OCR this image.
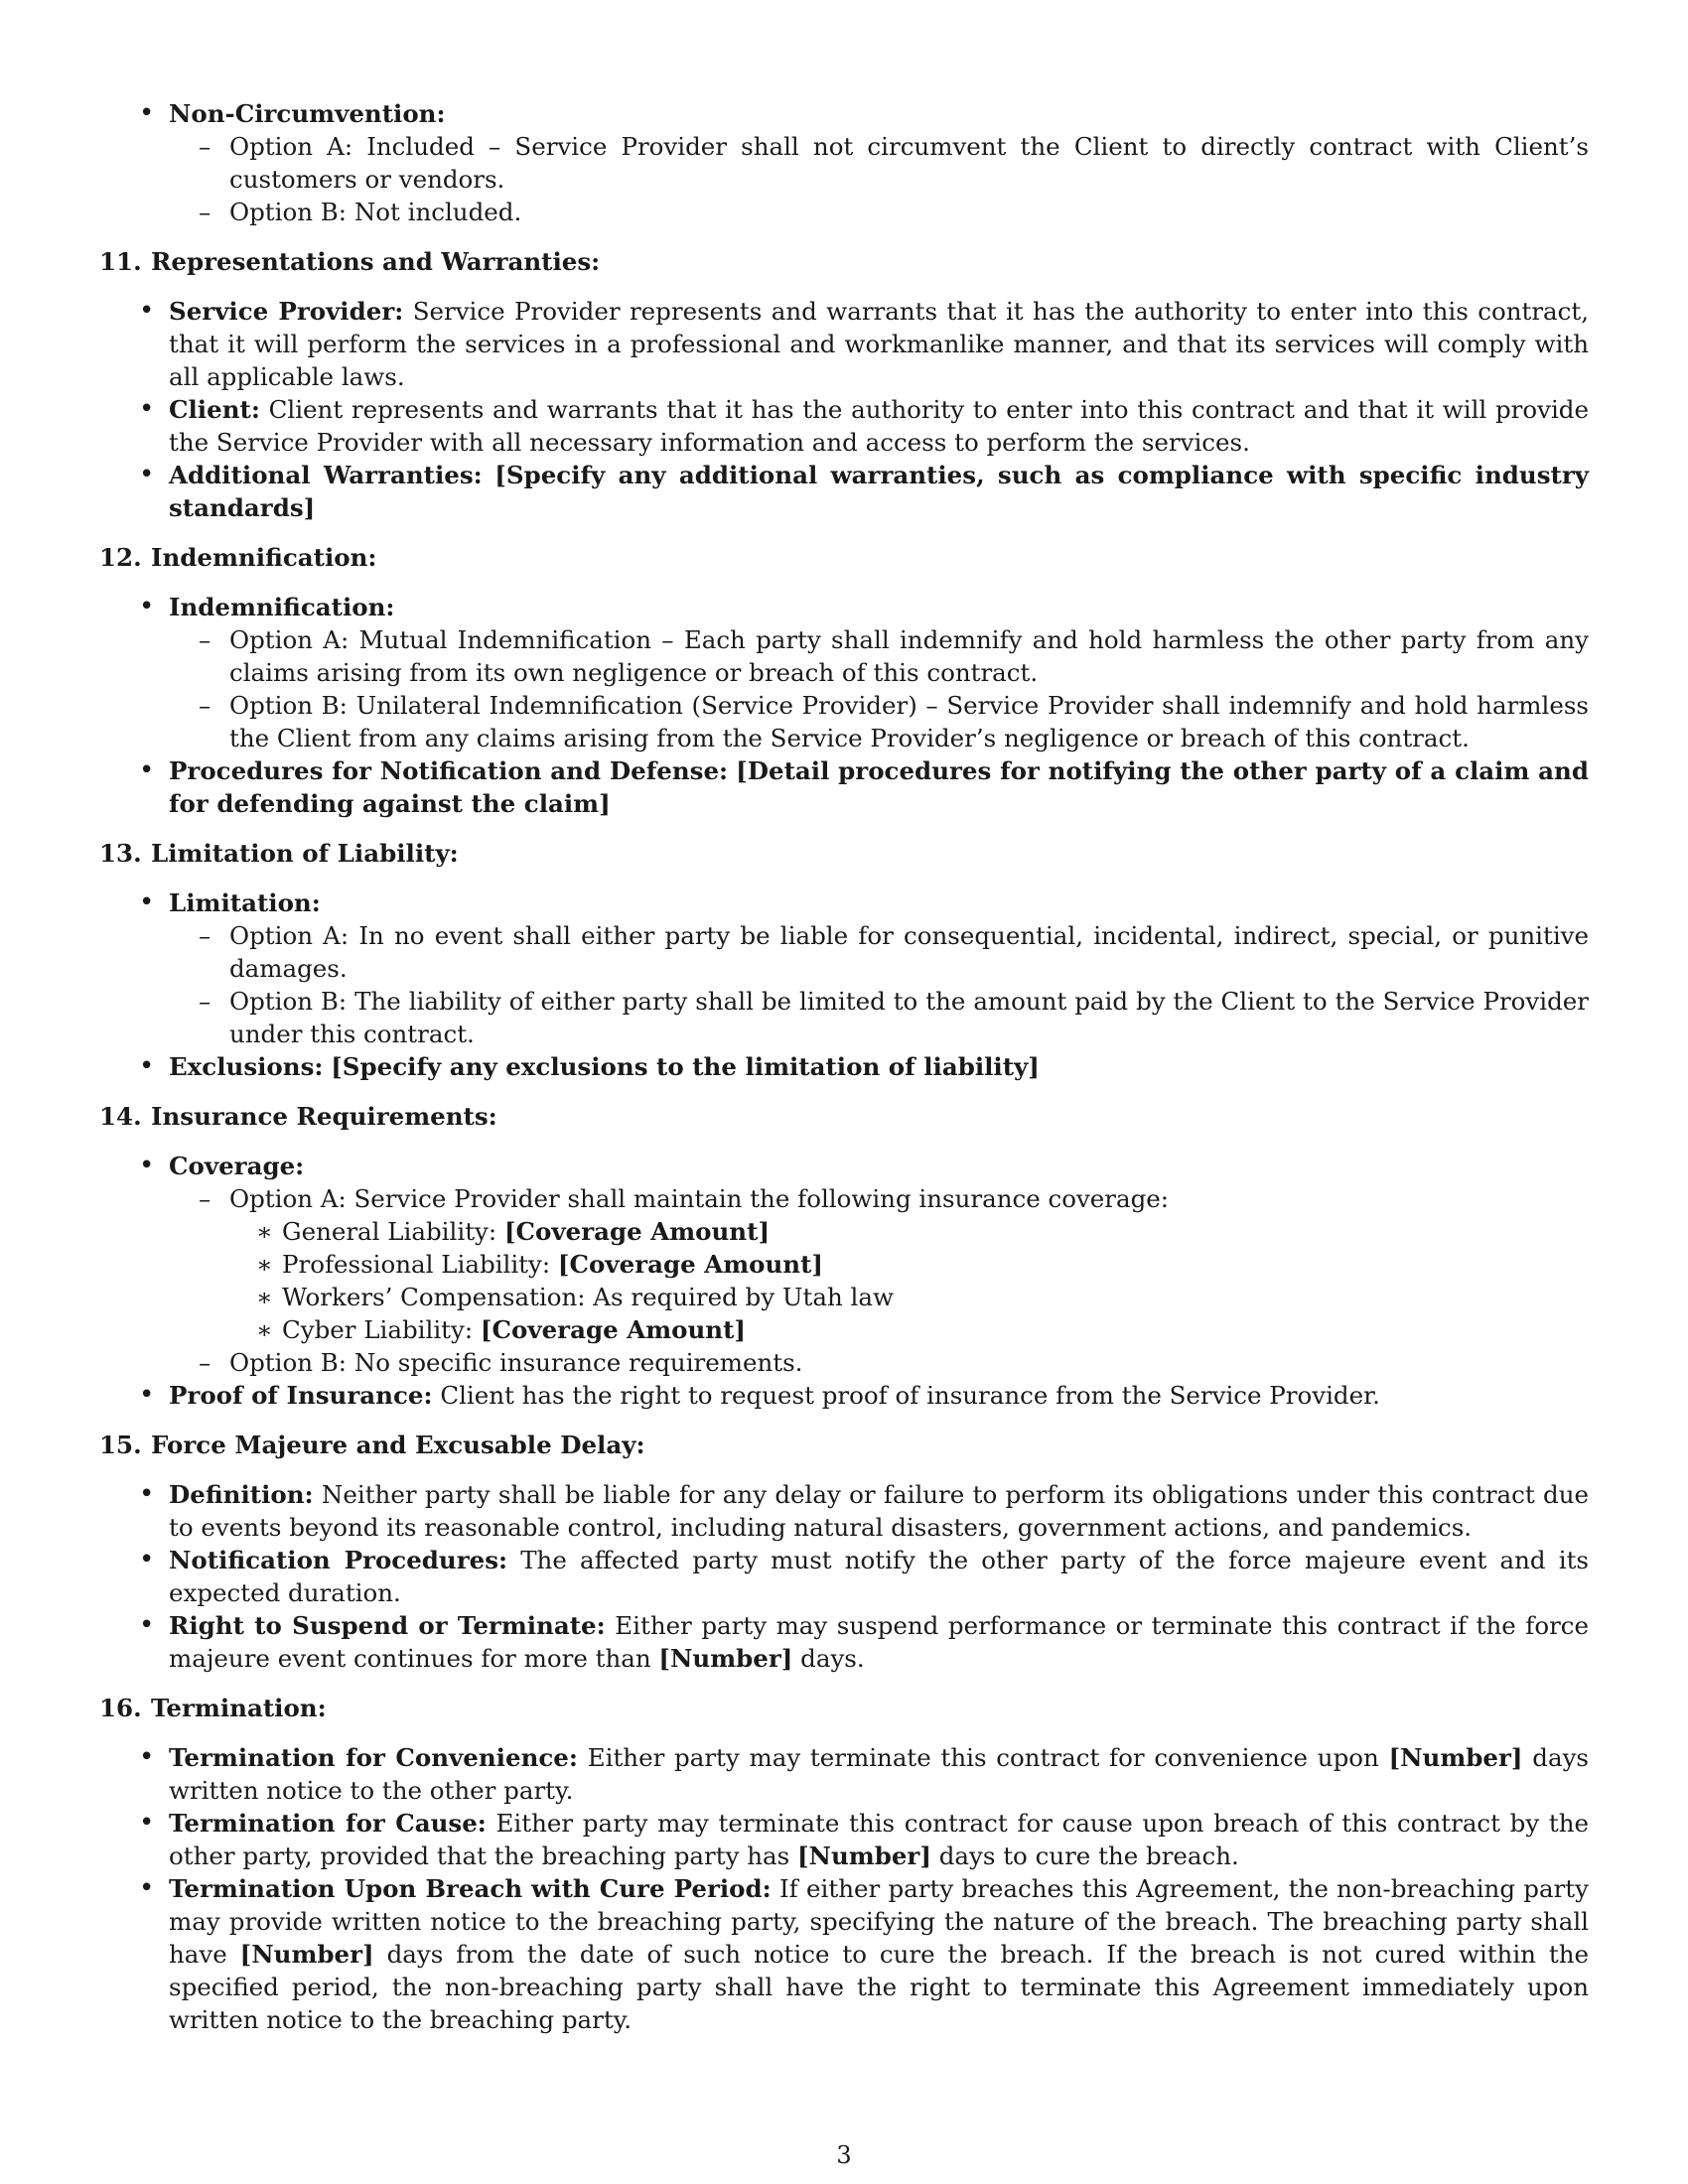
• Non-Circumvention:
– Option A: Included – Service Provider shall not circumvent the Client to directly contract with Client’s customers or vendors.
– Option B: Not included.
11. Representations and Warranties:
• Service Provider: Service Provider represents and warrants that it has the authority to enter into this contract, that it will perform the services in a professional and workmanlike manner, and that its services will comply with all applicable laws.
• Client: Client represents and warrants that it has the authority to enter into this contract and that it will provide the Service Provider with all necessary information and access to perform the services.
• Additional Warranties: [Specify any additional warranties, such as compliance with specific industry standards]
12. Indemnification:
• Indemnification:
– Option A: Mutual Indemnification – Each party shall indemnify and hold harmless the other party from any claims arising from its own negligence or breach of this contract.
– Option B: Unilateral Indemnification (Service Provider) – Service Provider shall indemnify and hold harmless the Client from any claims arising from the Service Provider’s negligence or breach of this contract.
• Procedures for Notification and Defense: [Detail procedures for notifying the other party of a claim and for defending against the claim]
13. Limitation of Liability:
• Limitation:
– Option A: In no event shall either party be liable for consequential, incidental, indirect, special, or punitive damages.
– Option B: The liability of either party shall be limited to the amount paid by the Client to the Service Provider under this contract.
• Exclusions: [Specify any exclusions to the limitation of liability]
14. Insurance Requirements:
• Coverage:
– Option A: Service Provider shall maintain the following insurance coverage:
∗ General Liability: [Coverage Amount]
∗ Professional Liability: [Coverage Amount]
∗ Workers’ Compensation: As required by Utah law
∗ Cyber Liability: [Coverage Amount]
– Option B: No specific insurance requirements.
• Proof of Insurance: Client has the right to request proof of insurance from the Service Provider.
15. Force Majeure and Excusable Delay:
• Definition: Neither party shall be liable for any delay or failure to perform its obligations under this contract due to events beyond its reasonable control, including natural disasters, government actions, and pandemics.
• Notification Procedures: The affected party must notify the other party of the force majeure event and its expected duration.
• Right to Suspend or Terminate: Either party may suspend performance or terminate this contract if the force majeure event continues for more than [Number] days.
16. Termination:
• Termination for Convenience: Either party may terminate this contract for convenience upon [Number] days written notice to the other party.
• Termination for Cause: Either party may terminate this contract for cause upon breach of this contract by the other party, provided that the breaching party has [Number] days to cure the breach.
• Termination Upon Breach with Cure Period: If either party breaches this Agreement, the non-breaching party may provide written notice to the breaching party, specifying the nature of the breach. The breaching party shall have [Number] days from the date of such notice to cure the breach. If the breach is not cured within the specified period, the non-breaching party shall have the right to terminate this Agreement immediately upon written notice to the breaching party.
3
